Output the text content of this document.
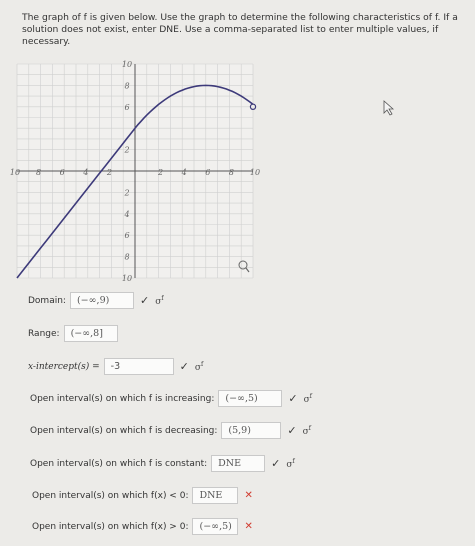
The graph of f is given below. Use the graph to determine the following characteristics of f. If a solution does not exist, enter DNE. Use a comma-separated list to enter multiple values, if necessary.
10 8 6 4 2	2 4 6 8 10
10
8
6
2
2
4
6
8
10
Domain:	(−∞,9)	✓ $\sigma^f$
Range:	(−∞,8]
x-intercept(s) =	-3	✓ $\sigma^f$
Open interval(s) on which f is increasing:	(−∞,5)	✓ $\sigma^f$
Open interval(s) on which f is decreasing:	(5,9)	✓ $\sigma^f$
Open interval(s) on which f is constant:	DNE	✓ $\sigma^f$
Open interval(s) on which f(x) < 0:	DNE	✕
Open interval(s) on which f(x) > 0:	(−∞,5)	✕
